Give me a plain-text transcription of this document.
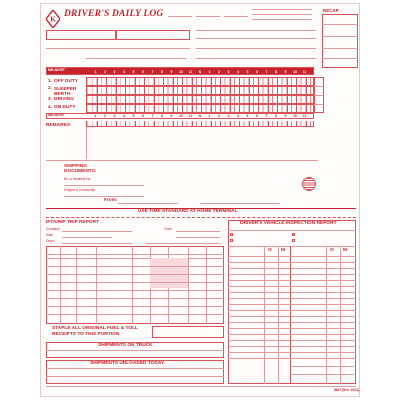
K
DRIVER'S DAILY LOG	RECAP
MID-NIGHT
1. OFF DUTY
2. SLEEPER BERTH
3. DRIVING
4. ON DUTY
MID-NIGHT
REMARKS
SHIPPING DOCUMENTS:
B/L or Manifest No.
Shipper & Commodity
From:
USE TIME STANDARD AT HOME TERMINAL
IFTA/RIP TRIP REPORT
Company
Date
Truck
Origin
STAPLE ALL ORIGINAL FUEL & TOLL RECEIPTS TO THIS PORTION
SHIPMENTS ON TRUCK
SHIPMENTS UNLOADED TODAY
DRIVER'S VEHICLE INSPECTION REPORT
O M	O M
8647 (Rev. 10/11)
1
1
2
2
3
3
4
4
5
5
6
6
7
7
8
8
9
9
10
10
11
11
N
N
1
1
2
2
3
3
4
4
5
5
6
6
7
7
8
8
9
9
10
10
11
11
